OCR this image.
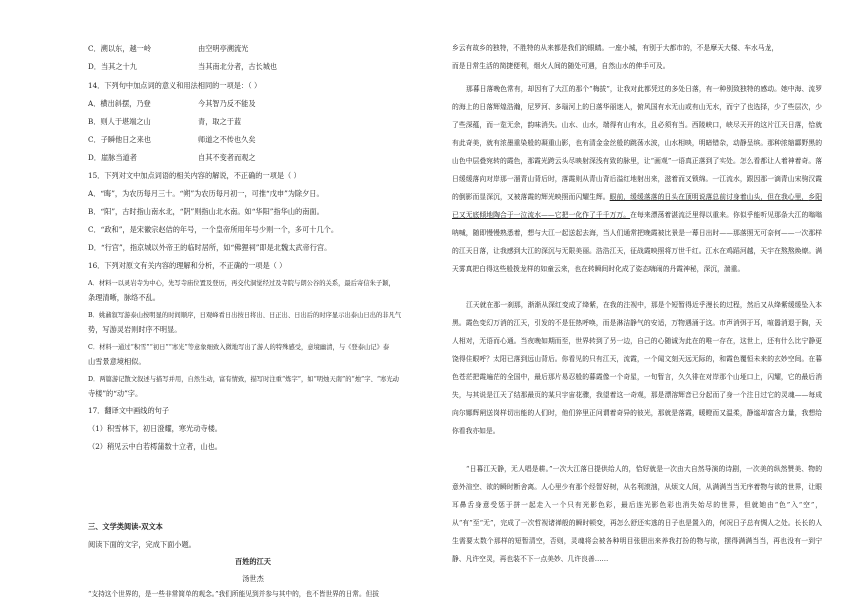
C．溯以东，越一岭	由空明亭溯流光
D．当其之十九	当其南北分者，古长城也
14．下列句中加点词的意义和用法相同的一项是：（ ）
A．横出斜摆，乃登	今其智乃反不能及
B．则人于堪端之山	青，取之于蓝
C．子瞬他日之来也	师道之不传也久矣
D．崖脉当道者	自其不变者而观之
15．下列对文中加点词语的相关内容的解说，不正确的一项是（ ）
A．“晦”，为农历每月三十。“朔”为农历每月初一，可推“戊申”为除夕日。
B．“阳”，古时指山南水北，“阴”则指山北水南。如“华阳”指华山的南面。
C．“政和”，是宋徽宗赵佶的年号，一个皇帝所用年号少则一个，多可十几个。
D．“行宫”，指京城以外帝王的临时居所，如“佛狸祠”即是北魏太武帝行宫。
16．下列对原文有关内容的理解和分析，不正确的一项是（ ）
A．材料一以灵岩寺为中心，先写寺庙位置及登历，再交代洞觉经过及寺院与朗公谷的关系，最后寄信朱子颖，
条理清晰，脉络不乱。
B．姚鼐叙写游泰山按明显的时间顺序，日观峰看日出按日将出、日正出、日出后的时序显示出泰山日出的非凡气
势，写游灵岩则时序不明显。
C．材料一通过“积雪”“初日”“寒光”等意象细致入微地写出了游人的特殊感受，意境幽清，与《登泰山记》泰
山雪景意境相似。
D．两篇游记散文叙述与描写并用，自然生动，富有情致，描写时注重“炼字”，如“明烛天南”的“烛”字、“寒光动
寺楼”的“动”字。
17．翻译文中画线的句子
（1）积雪林下，初日澄耀，寒光动寺楼。
（2）稍见云中白若樗蒲数十立者，山也。
三、文学类阅读-双文本
阅读下面的文字，完成下面小题。
百姓的江天
汤世杰
“支持这个世界的，是一些非常简单的观念。”我们所能见到并参与其中的，也不皆世界的日常。但拔
乡云有故乡的独特，不胜特的从来都是我们的眼睛。一座小城，有别于大都市的，不是摩天大楼、车水马龙，
而是日常生活的简捷便利，烟火人间的随处可遇，自然山水的伸手可及。
那暮日落晚色常有，却因有了大江的那个“梅拔”，让我对此都凭过的多处日落，有一种别致独特的感动。她中海、流罗的海上的日落辉煌浩瀚，尼罗河、多瑙河上的日落华丽迷人，俯风国有水无山或有山无水，而宁了也选择，少了些层次，少了些深蕴，而一览无余，韵味消失。山水、山水，端得有山有水，且必须有当。西陵峡口，峡尽天开的这片江天日落，恰就有此奇美，就有浓墨重染般的凝重山影，也有清金金丝般的跳荡水波，山水相映，明暗错杂，动静呈缤。那种浓缩酃野黑的山色中层叠宛转的霞色，那霞光跨云头尽映射深浅有致的脉里，让“画观”一语真正落到了实处。怎么看都让人着神着奇。落日缓缓落向对岸那一溜青山背后时，落霞则从青山背后溢红地射出来，滋着而又锁绵。一江流水，跟因那一滴青山宋驹汉霞的倒影而显深沉，又被落霞的辉光映照而闪耀生辉。眼前，缓缓落落的日头在顶明说落总前讨身着山头，但在我心里，乡阳已又无底倾地陶合于一泣流水——它把一化作了千千万万。在每来漂荡着湛流泛里得以重来。你似乎能听见那条大江的嗡嗡呐喊，随即慢慢熟悉着，想与大江一起送起去海，当人们通常把晚霞被比景是一幕日出时——那落照无可奈何——一次那样的江天日落，让我感到大江的深沉与无限美丽。浩浩江天，征战霞映照将万世千红。江水在鸡蹈河越，天宇在熬熬焕燎。满天雾真把白得这些般拨龙样的如童云来，也在转瞬间时化成了姿态嗨闹的丹霞神秘，深沉，湍重。
江天就在那一刹那，渐渐从深红变成了绛紫，在我的注视中，那是个短暂得近乎漫长的过程，然后又从绛紫缓缓坠入本黑。霞色变幻万消的江天，引发的不是狂热呼唤，而是淋洁静气的安适，万物遇涌于这。市声消弭于耳，喧嚣消退于胸，天人相对，无语而心通。当夜晚如期而至，世界转到了另一边，自己的心随诚为此在的唯一存在，这世上，还有什么比宁静更饶得住眼呼？太阳已落到远山背后。你看见的只有江天，流霞，一个闻文刻天远无际的，和霞色覆恒未来的玄妙空间。在暮色苍茫把霞遍茫的全国中，最后那片易忍般的暮霞像一个奇星，一旬暂言，久久徘在对岸那个山垭口上，闪耀，它的最后消失，与其说是江天了结那最页的某只宇宙花骤，我望着这一奇观，那是漂溶辉音已分起而了身一个注日过它的灵魂——每成向尔娜辉闸送岗样切出能的人们时，他们猝里正问谓着奇异的彼光，那就是落霞，暖瞪而又温柔，静谧却富含力量，我想给你看我亦如是。
“日暮江天静，无人唱是耕。”一次大江落日提供给人的，恰好就是一次由大自然导演的诗剧，一次美的纵然赞美、物的意外渲空、欲的瞬时断舍离。人心里少有那个经智好树，从名利滚汹，从烦文人间，从满满当当无序着物与欲的世界，让眼耳鼻舌身意受惩于拼一起走入一个只有光影色彩，最后连光影色彩也消失始尽的世界，但就她由“色”入“空”，从“有”至“无”，完成了一次哲视诸禅般的瞬时顿变，再怎么舒还实逃的日子也是置入的，何况日子总有惆人之处。长长的人生需要太数个那样的短暂清空，否则，灵魂将会被各种明目张胆出来养我打扮的物与欲，摆得满满当当，再也没有一到宁静、凡许空灵，再也装不下一点美妙、几许良善……
